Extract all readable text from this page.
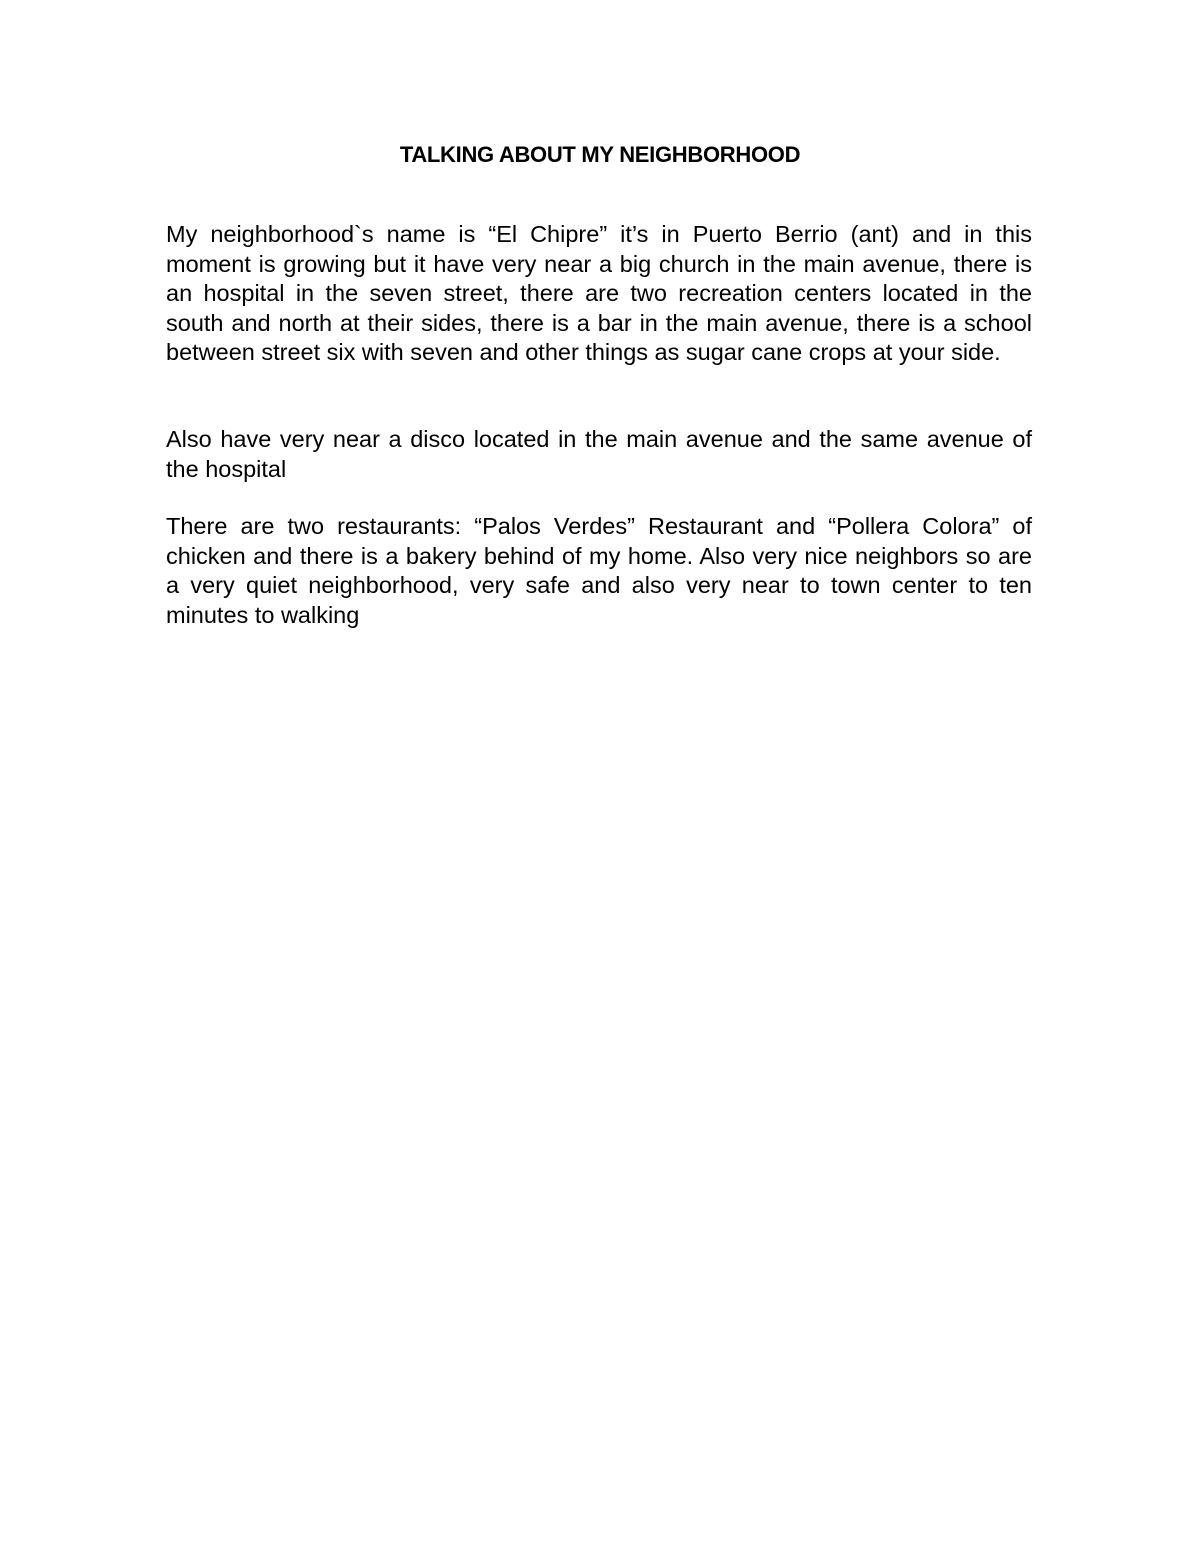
TALKING ABOUT MY NEIGHBORHOOD

My neighborhood`s name is “El Chipre” it’s in Puerto Berrio (ant) and in this moment is growing but it have very near a big church in the main avenue, there is an hospital in the seven street, there are two recreation centers located in the south and north at their sides, there is a bar in the main avenue, there is a school between street six with seven and other things as sugar cane crops at your side.

Also have very near a disco located in the main avenue and the same avenue of the hospital

There are two restaurants: “Palos Verdes” Restaurant and “Pollera Colora” of chicken and there is a bakery behind of my home. Also very nice neighbors so are a very quiet neighborhood, very safe and also very near to town center to ten minutes to walking
